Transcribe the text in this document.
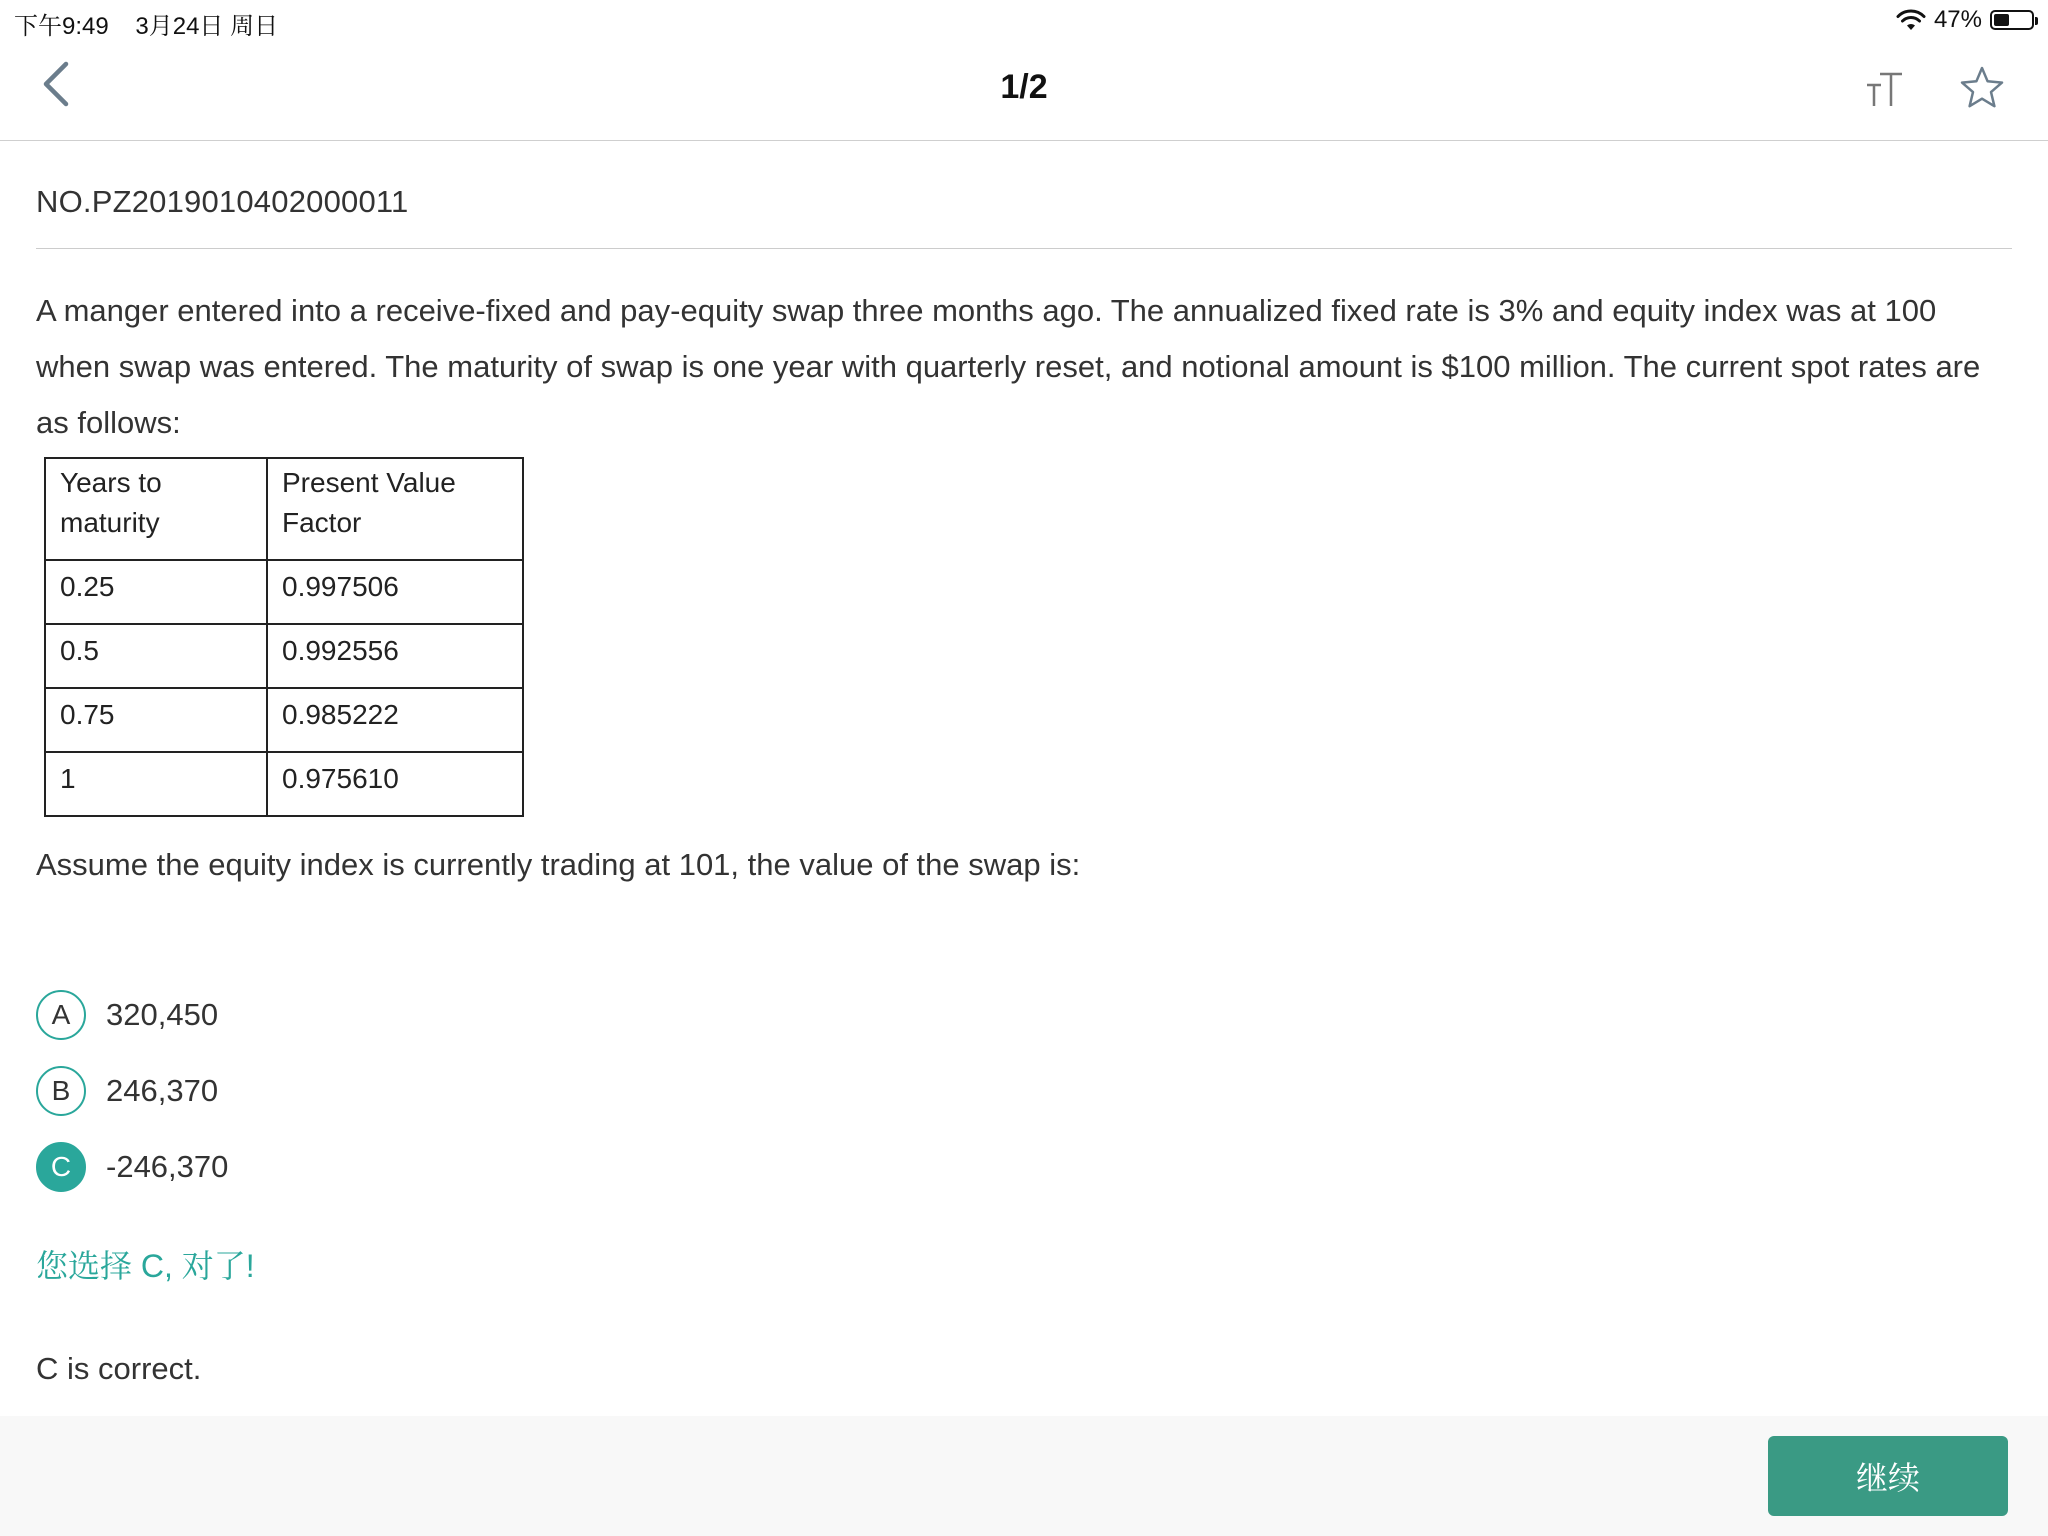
下午9:49 3月24日 周日	47%
1/2
NO.PZ2019010402000011
A manger entered into a receive-fixed and pay-equity swap three months ago. The annualized fixed rate is 3% and equity index was at 100 when swap was entered. The maturity of swap is one year with quarterly reset, and notional amount is $100 million. The current spot rates are as follows:
Years to maturity	Present Value Factor
0.25	0.997506
0.5	0.992556
0.75	0.985222
1	0.975610
Assume the equity index is currently trading at 101, the value of the swap is:
A	320,450
B	246,370
C	-246,370
您选择 C, 对了!
C is correct.
继续
